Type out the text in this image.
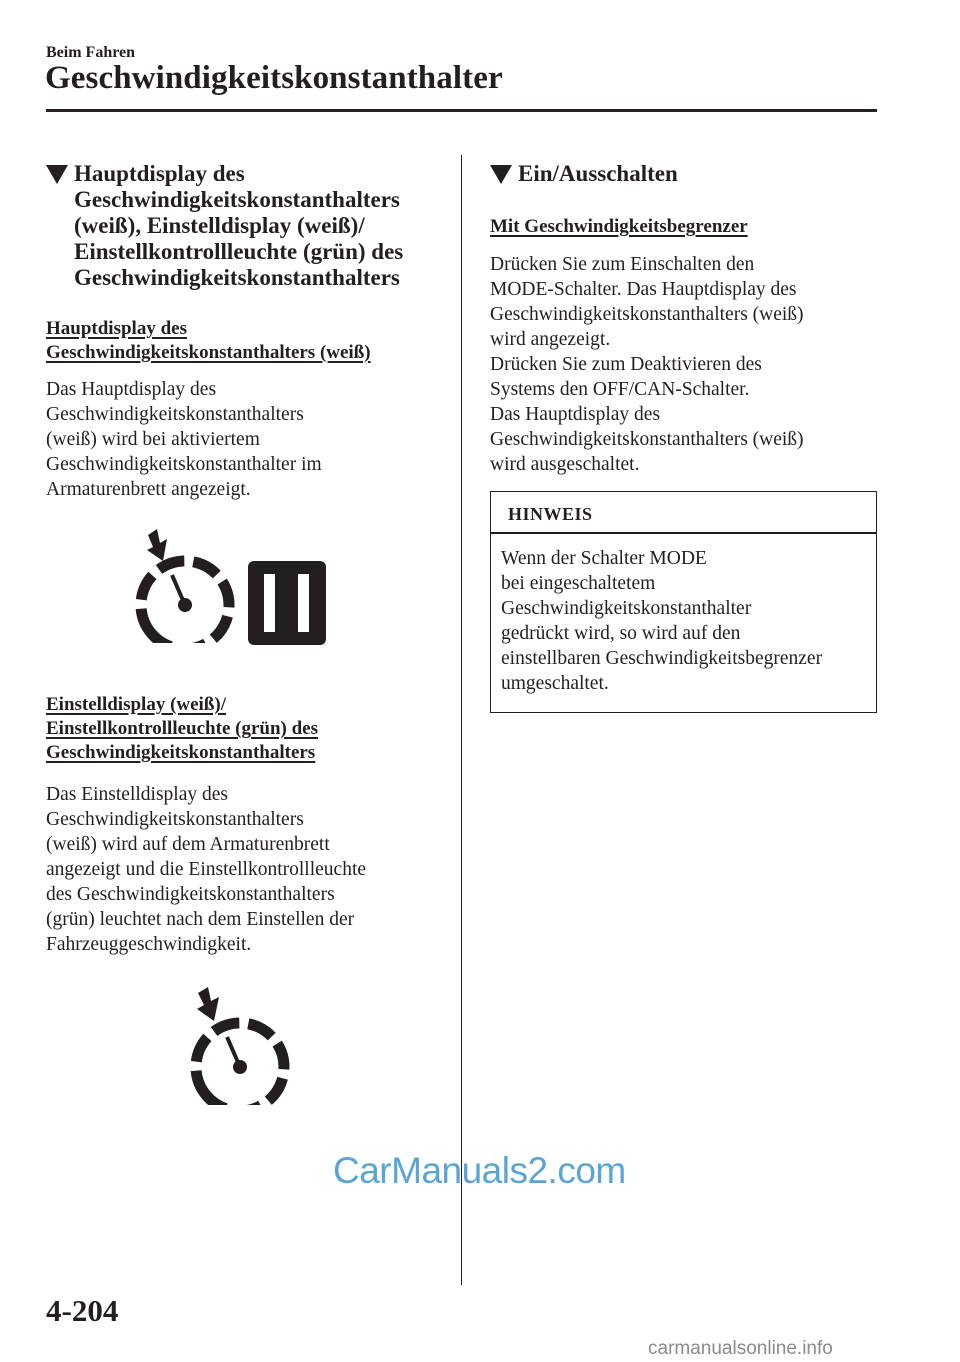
Beim Fahren
Geschwindigkeitskonstanthalter
Hauptdisplay des
Geschwindigkeitskonstanthalters
(weiß), Einstelldisplay (weiß)/
Einstellkontrollleuchte (grün) des
Geschwindigkeitskonstanthalters
Hauptdisplay des
Geschwindigkeitskonstanthalters (weiß)
Das Hauptdisplay des
Geschwindigkeitskonstanthalters
(weiß) wird bei aktiviertem
Geschwindigkeitskonstanthalter im
Armaturenbrett angezeigt.
Einstelldisplay (weiß)/
Einstellkontrollleuchte (grün) des
Geschwindigkeitskonstanthalters
Das Einstelldisplay des
Geschwindigkeitskonstanthalters
(weiß) wird auf dem Armaturenbrett
angezeigt und die Einstellkontrollleuchte
des Geschwindigkeitskonstanthalters
(grün) leuchtet nach dem Einstellen der
Fahrzeuggeschwindigkeit.
Ein/Ausschalten
Mit Geschwindigkeitsbegrenzer
Drücken Sie zum Einschalten den
MODE-Schalter. Das Hauptdisplay des
Geschwindigkeitskonstanthalters (weiß)
wird angezeigt.
Drücken Sie zum Deaktivieren des
Systems den OFF/CAN-Schalter.
Das Hauptdisplay des
Geschwindigkeitskonstanthalters (weiß)
wird ausgeschaltet.
HINWEIS
Wenn der Schalter MODE
bei eingeschaltetem
Geschwindigkeitskonstanthalter
gedrückt wird, so wird auf den
einstellbaren Geschwindigkeitsbegrenzer
umgeschaltet.
CarManuals2.com
4-204
carmanualsonline.info
